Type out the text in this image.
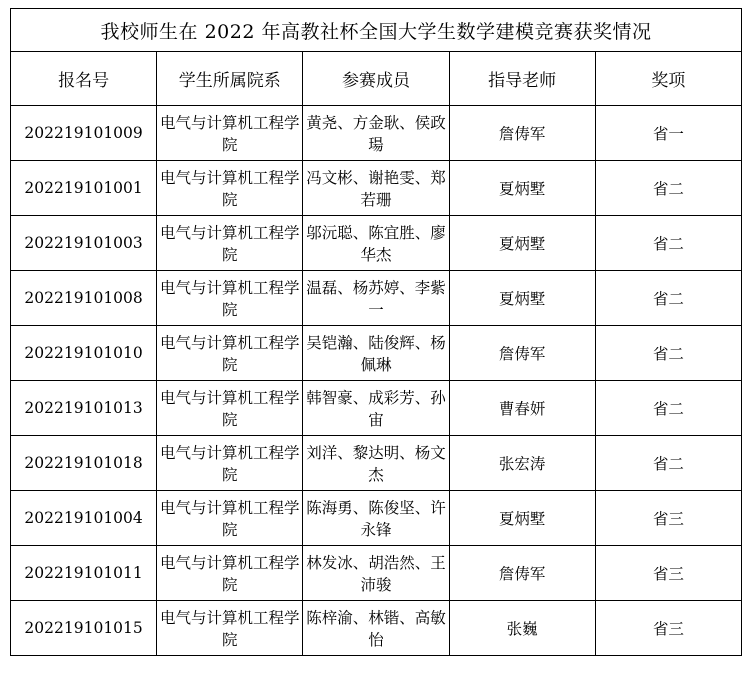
我校师生在 2022 年高教社杯全国大学生数学建模竞赛获奖情况				
报名号	学生所属院系	参赛成员	指导老师	奖项
202219101009	电气与计算机工程学院	黄尧、方金耿、侯政瑒	詹俦军	省一
202219101001	电气与计算机工程学院	冯文彬、谢艳雯、郑若珊	夏炳墅	省二
202219101003	电气与计算机工程学院	邬沅聪、陈宜胜、廖华杰	夏炳墅	省二
202219101008	电气与计算机工程学院	温磊、杨苏婷、李紫一	夏炳墅	省二
202219101010	电气与计算机工程学院	吴铠瀚、陆俊辉、杨佩琳	詹俦军	省二
202219101013	电气与计算机工程学院	韩智豪、成彩芳、孙宙	曹春妍	省二
202219101018	电气与计算机工程学院	刘洋、黎达明、杨文杰	张宏涛	省二
202219101004	电气与计算机工程学院	陈海勇、陈俊坚、许永锋	夏炳墅	省三
202219101011	电气与计算机工程学院	林发冰、胡浩然、王沛骏	詹俦军	省三
202219101015	电气与计算机工程学院	陈梓渝、林锴、高敏怡	张巍	省三
